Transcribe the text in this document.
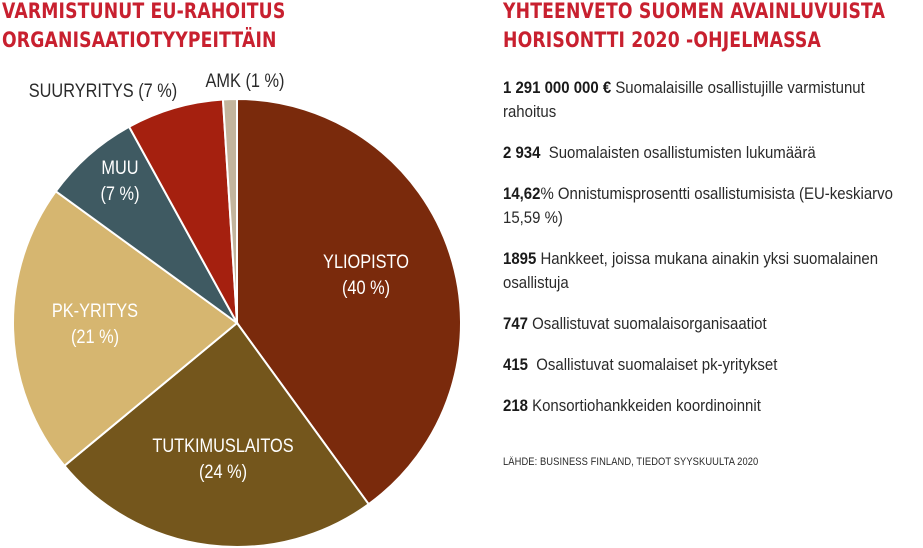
VARMISTUNUT EU-RAHOITUS
ORGANISAATIOTYYPEITTÄIN
YLIOPISTO (40 %)
TUTKIMUSLAITOS (24 %)
PK-YRITYS (21 %)
MUU (7 %)
SUURYRITYS (7 %) AMK (1 %)
YHTEENVETO SUOMEN AVAINLUVUISTA
HORISONTTI 2020 -OHJELMASSA
1 291 000 000 € Suomalaisille osallistujille varmistunut rahoitus
2 934 Suomalaisten osallistumisten lukumäärä
14,62% Onnistumisprosentti osallistumisista (EU-keskiarvo 15,59 %)
1895 Hankkeet, joissa mukana ainakin yksi suomalainen osallistuja
747 Osallistuvat suomalaisorganisaatiot
415 Osallistuvat suomalaiset pk-yritykset
218 Konsortiohankkeiden koordinoinnit
LÄHDE: BUSINESS FINLAND, TIEDOT SYYSKUULTA 2020
